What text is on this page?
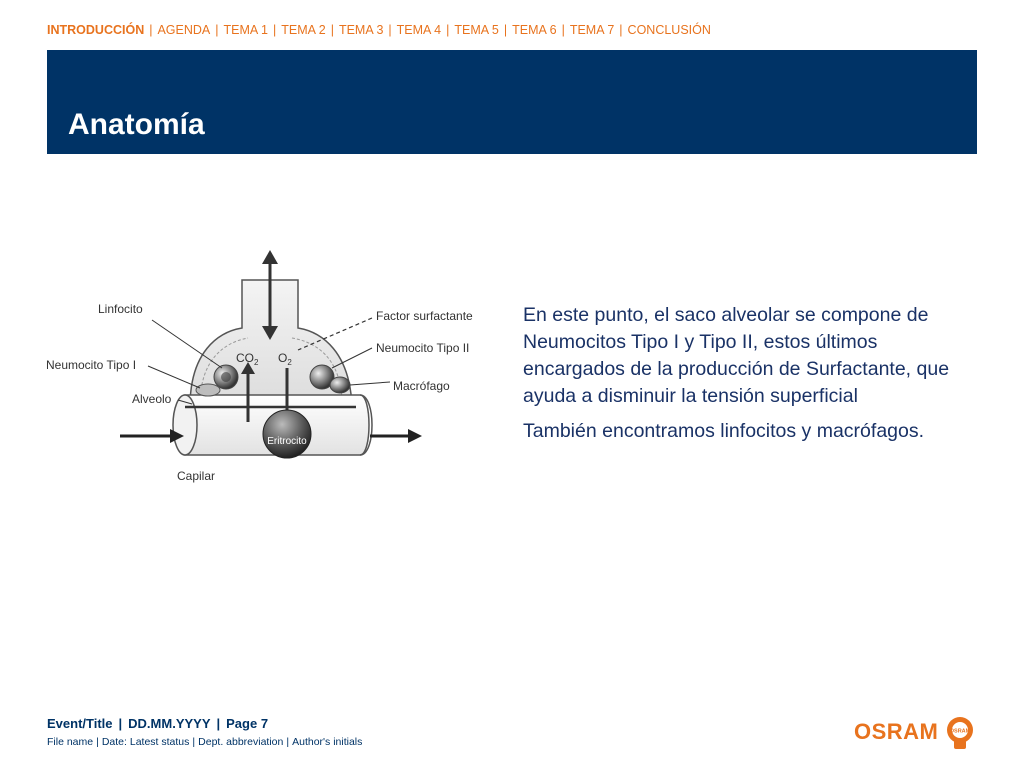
INTRODUCCIÓN | AGENDA | TEMA 1 | TEMA 2 | TEMA 3 | TEMA 4 | TEMA 5 | TEMA 6 | TEMA 7 | CONCLUSIÓN
Anatomía
Linfocito
Neumocito Tipo I
Alveolo
Capilar
Factor surfactante
Neumocito Tipo II
Macrófago
$CO_2$ $O_2$
Eritrocito

En este punto, el saco alveolar se compone de Neumocitos Tipo I y Tipo II, estos últimos encargados de la producción de Surfactante, que ayuda a disminuir la tensión superficial

También encontramos linfocitos y macrófagos.

Event/Title | DD.MM.YYYY | Page 7
File name | Date: Latest status | Dept. abbreviation | Author's initials	OSRAM OSRAM
